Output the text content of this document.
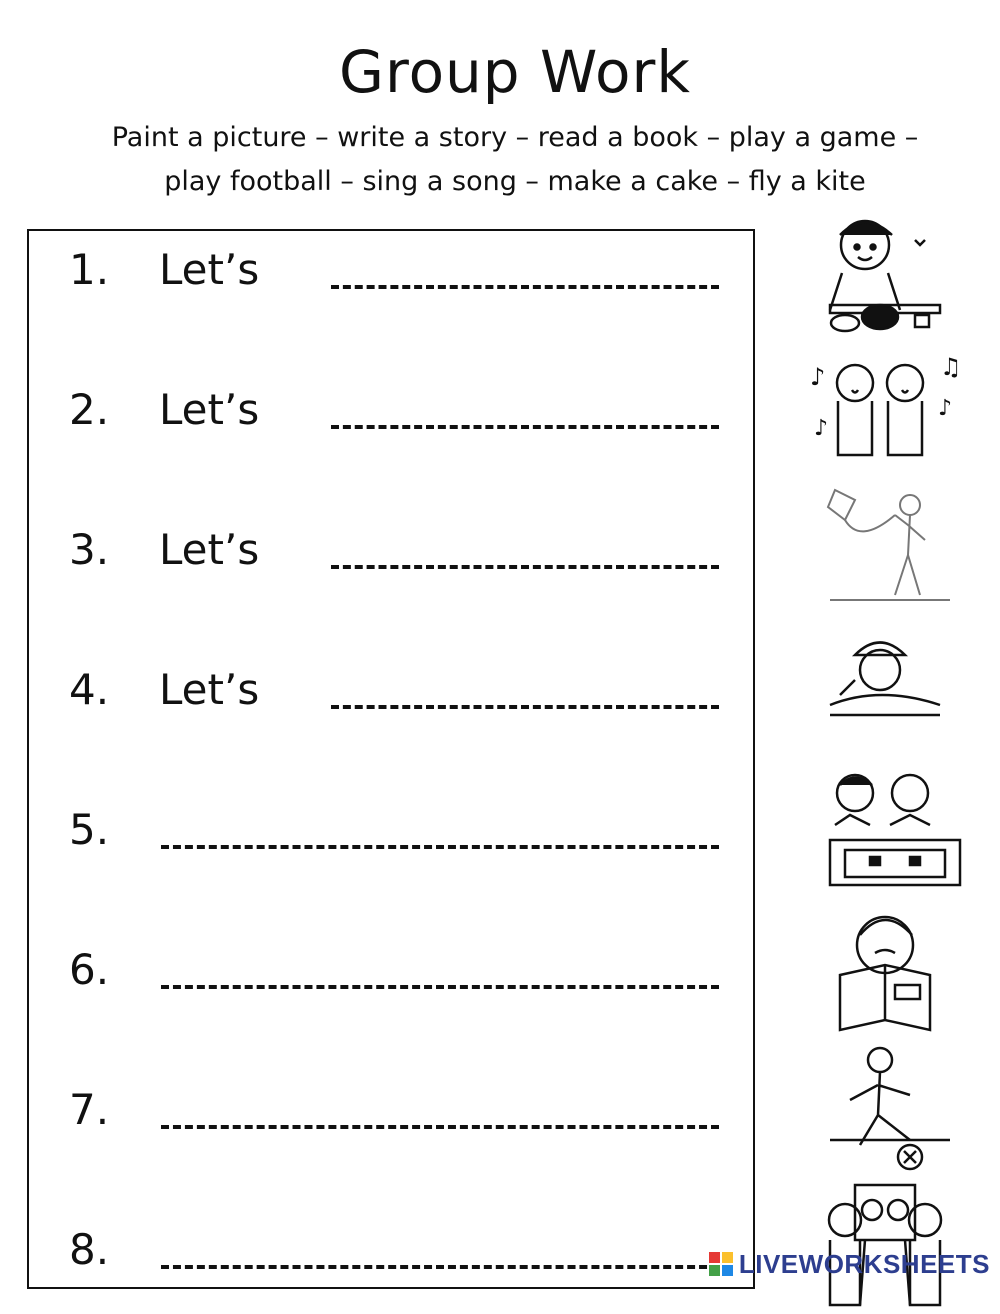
Group Work
Paint a picture – write a story – read a book – play a game –
play football – sing a song – make a cake – fly a kite
1. Let’s
2. Let’s
3. Let’s
4. Let’s
5.
6.
7.
8.
♪	♫
♪
♪
LIVEWORKSHEETS
